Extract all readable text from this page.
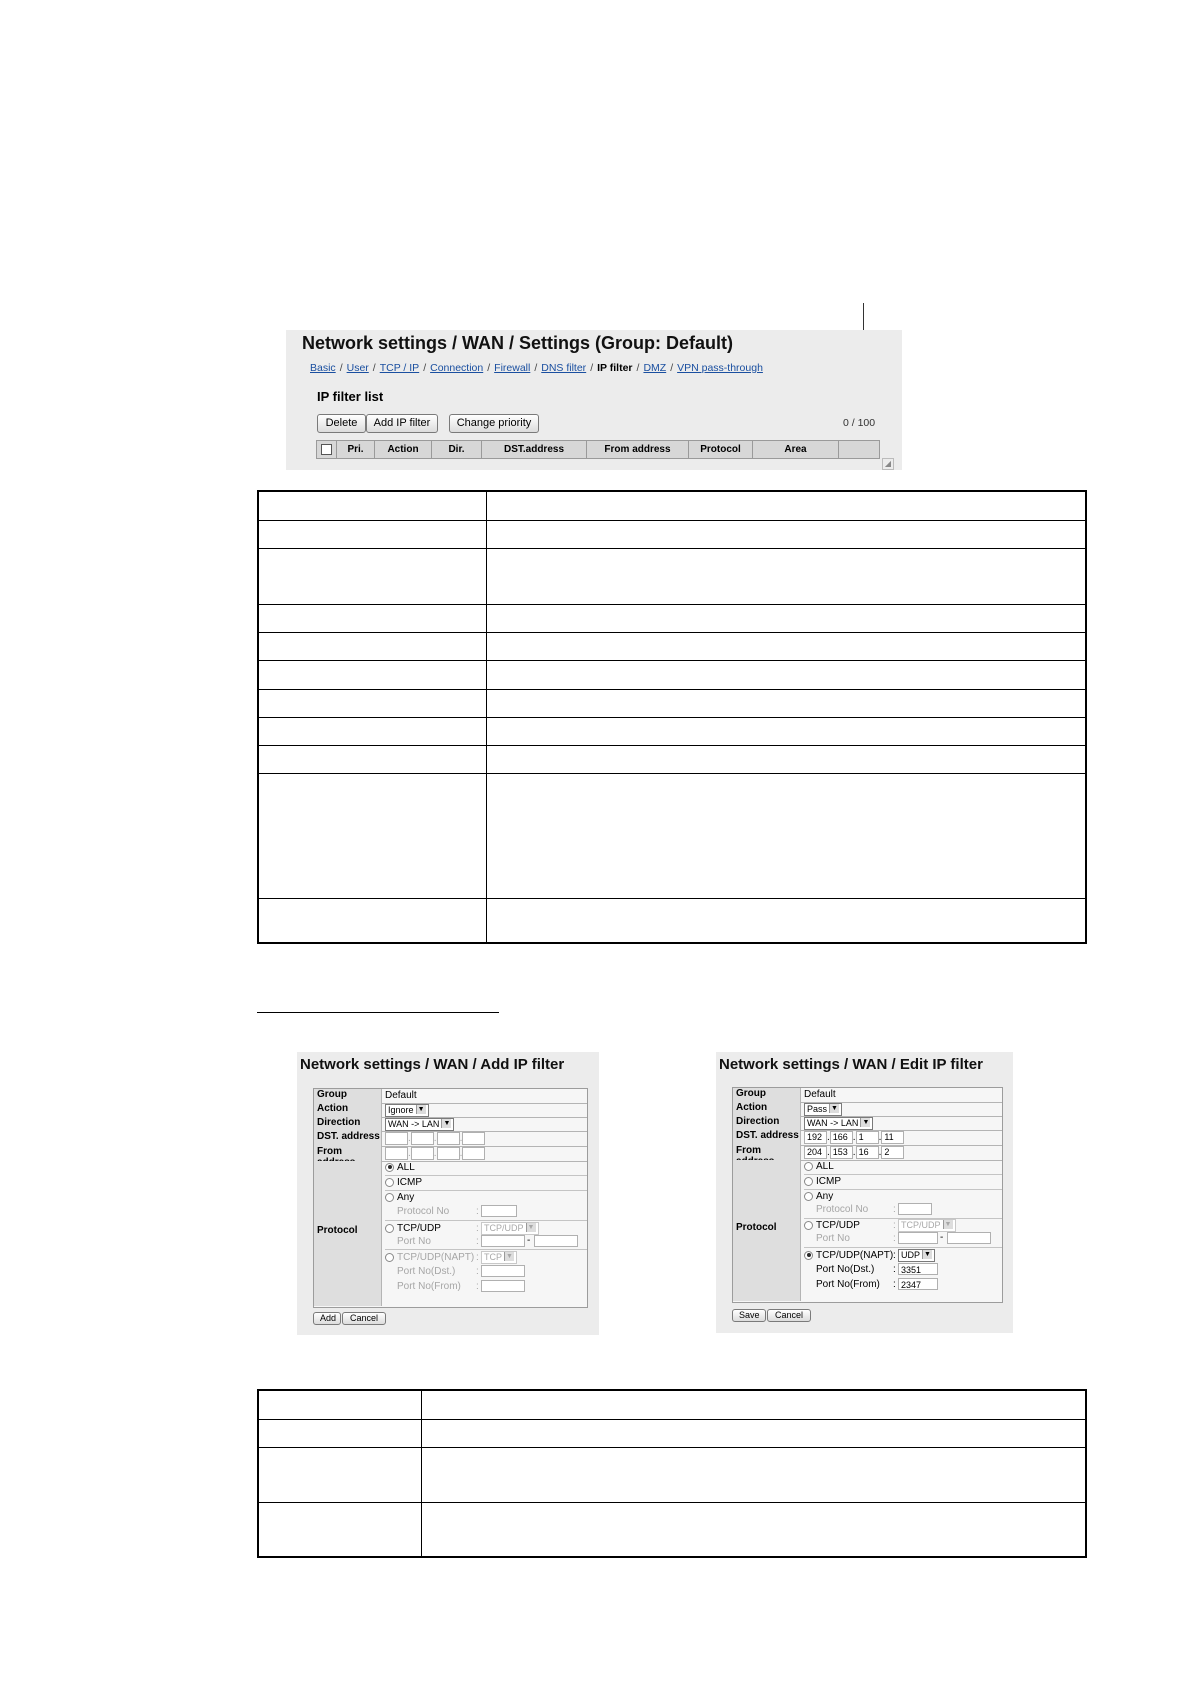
Network settings / WAN / Settings (Group: Default)
Basic / User / TCP / IP / Connection / Firewall / DNS filter / IP filter / DMZ / VPN pass-through
IP filter list
Delete	Add IP filter	Change priority	0 / 100
Pri.	Action	Dir.	DST.address	From address	Protocol	Area
◢
Network settings / WAN / Add IP filter
Group	Default
Action	Ignore ▼
Direction	WAN -> LAN ▼
DST. address	. . .
From	. . .
Protocol
ALL
ICMP
Any
Protocol No	:
TCP/UDP	: TCP/UDP ▼
Port No	:	-
TCP/UDP(NAPT) : TCP ▼
Port No(Dst.) :
Port No(From) :
Add	Cancel
Network settings / WAN / Edit IP filter
Group	Default
Action	Pass ▼
Direction	WAN -> LAN ▼
DST. address 192 . 166 . 1 . 11
From	204 . 153 . 16 . 2
Protocol
ALL
ICMP
Any
Protocol No :
TCP/UDP	: TCP/UDP ▼
Port No	:	-
TCP/UDP(NAPT) : UDP ▼
Port No(Dst.) : 3351
Port No(From) : 2347
Save	Cancel
